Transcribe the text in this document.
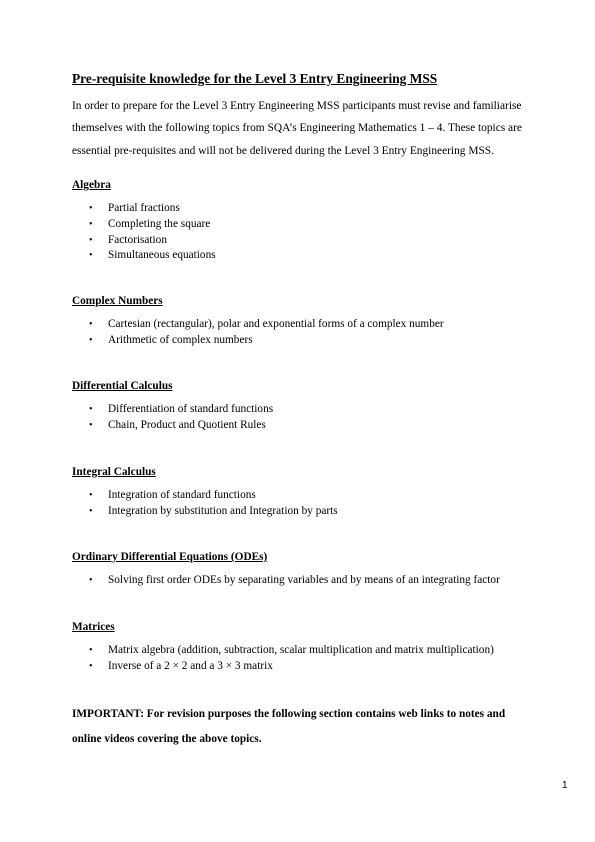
Pre-requisite knowledge for the Level 3 Entry Engineering MSS
In order to prepare for the Level 3 Entry Engineering MSS participants must revise and familiarise
themselves with the following topics from SQA’s Engineering Mathematics 1 – 4. These topics are
essential pre-requisites and will not be delivered during the Level 3 Entry Engineering MSS.

Algebra

• Partial fractions
• Completing the square
• Factorisation
• Simultaneous equations

Complex Numbers

• Cartesian (rectangular), polar and exponential forms of a complex number
• Arithmetic of complex numbers

Differential Calculus

• Differentiation of standard functions
• Chain, Product and Quotient Rules

Integral Calculus

• Integration of standard functions
• Integration by substitution and Integration by parts

Ordinary Differential Equations (ODEs)

• Solving first order ODEs by separating variables and by means of an integrating factor

Matrices

• Matrix algebra (addition, subtraction, scalar multiplication and matrix multiplication)
• Inverse of a 2 × 2 and a 3 × 3 matrix
IMPORTANT: For revision purposes the following section contains web links to notes and
online videos covering the above topics.
1
